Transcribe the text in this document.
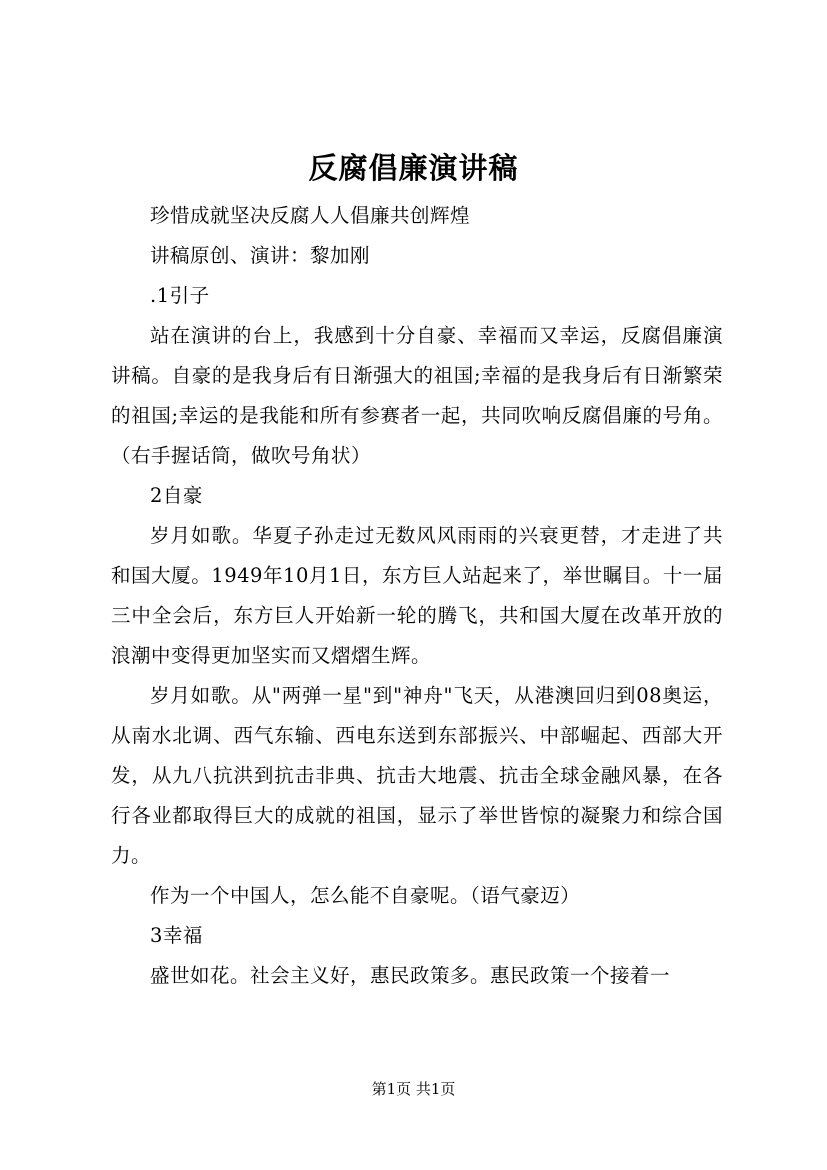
反腐倡廉演讲稿

珍惜成就坚决反腐人人倡廉共创辉煌

讲稿原创、演讲：黎加刚

.1引子

站在演讲的台上，我感到十分自豪、幸福而又幸运，反腐倡廉演讲稿。自豪的是我身后有日渐强大的祖国;幸福的是我身后有日渐繁荣的祖国;幸运的是我能和所有参赛者一起，共同吹响反腐倡廉的号角。（右手握话筒，做吹号角状）

2自豪

岁月如歌。华夏子孙走过无数风风雨雨的兴衰更替，才走进了共和国大厦。1949年10月1日，东方巨人站起来了，举世瞩目。十一届三中全会后，东方巨人开始新一轮的腾飞，共和国大厦在改革开放的浪潮中变得更加坚实而又熠熠生辉。

岁月如歌。从"两弹一星"到"神舟"飞天，从港澳回归到08奥运，从南水北调、西气东输、西电东送到东部振兴、中部崛起、西部大开发，从九八抗洪到抗击非典、抗击大地震、抗击全球金融风暴，在各行各业都取得巨大的成就的祖国，显示了举世皆惊的凝聚力和综合国力。

作为一个中国人，怎么能不自豪呢。（语气豪迈）

3幸福

盛世如花。社会主义好，惠民政策多。惠民政策一个接着一

第1页 共1页
